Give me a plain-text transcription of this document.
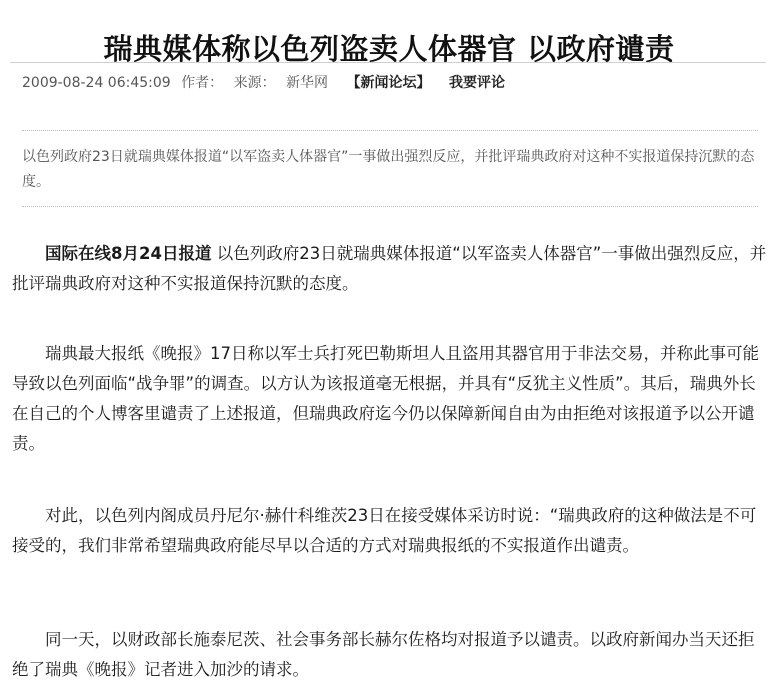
瑞典媒体称以色列盗卖人体器官 以政府谴责
2009-08-24 06:45:09 作者： 来源： 新华网 【新闻论坛】 我要评论
以色列政府23日就瑞典媒体报道“以军盗卖人体器官”一事做出强烈反应，并批评瑞典政府对这种不实报道保持沉默的态度。

国际在线8月24日报道 以色列政府23日就瑞典媒体报道“以军盗卖人体器官”一事做出强烈反应，并批评瑞典政府对这种不实报道保持沉默的态度。

瑞典最大报纸《晚报》17日称以军士兵打死巴勒斯坦人且盗用其器官用于非法交易，并称此事可能导致以色列面临“战争罪”的调查。以方认为该报道毫无根据，并具有“反犹主义性质”。其后，瑞典外长在自己的个人博客里谴责了上述报道，但瑞典政府迄今仍以保障新闻自由为由拒绝对该报道予以公开谴责。

对此，以色列内阁成员丹尼尔·赫什科维茨23日在接受媒体采访时说：“瑞典政府的这种做法是不可接受的，我们非常希望瑞典政府能尽早以合适的方式对瑞典报纸的不实报道作出谴责。

同一天，以财政部长施泰尼茨、社会事务部长赫尔佐格均对报道予以谴责。以政府新闻办当天还拒绝了瑞典《晚报》记者进入加沙的请求。
